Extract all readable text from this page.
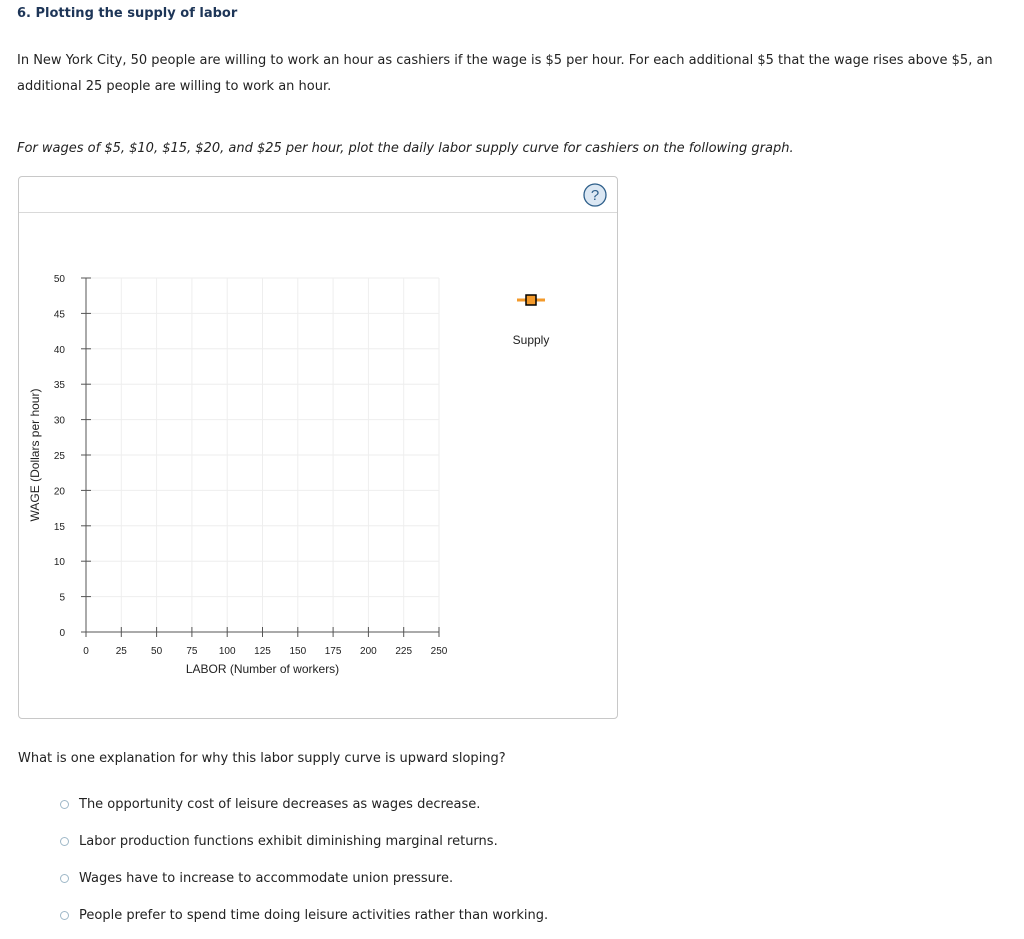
6. Plotting the supply of labor
In New York City, 50 people are willing to work an hour as cashiers if the wage is $5 per hour. For each additional $5 that the wage rises above $5, an additional 25 people are willing to work an hour.
For wages of $5, $10, $15, $20, and $25 per hour, plot the daily labor supply curve for cashiers on the following graph.
?
0
5
10
15
20
25
30
35
40
45
50
0	25 50 75 100 125 150 175 200 225 250
LABOR (Number of workers)
WAGE (Dollars per hour)
Supply
What is one explanation for why this labor supply curve is upward sloping?
The opportunity cost of leisure decreases as wages decrease.
Labor production functions exhibit diminishing marginal returns.
Wages have to increase to accommodate union pressure.
People prefer to spend time doing leisure activities rather than working.
